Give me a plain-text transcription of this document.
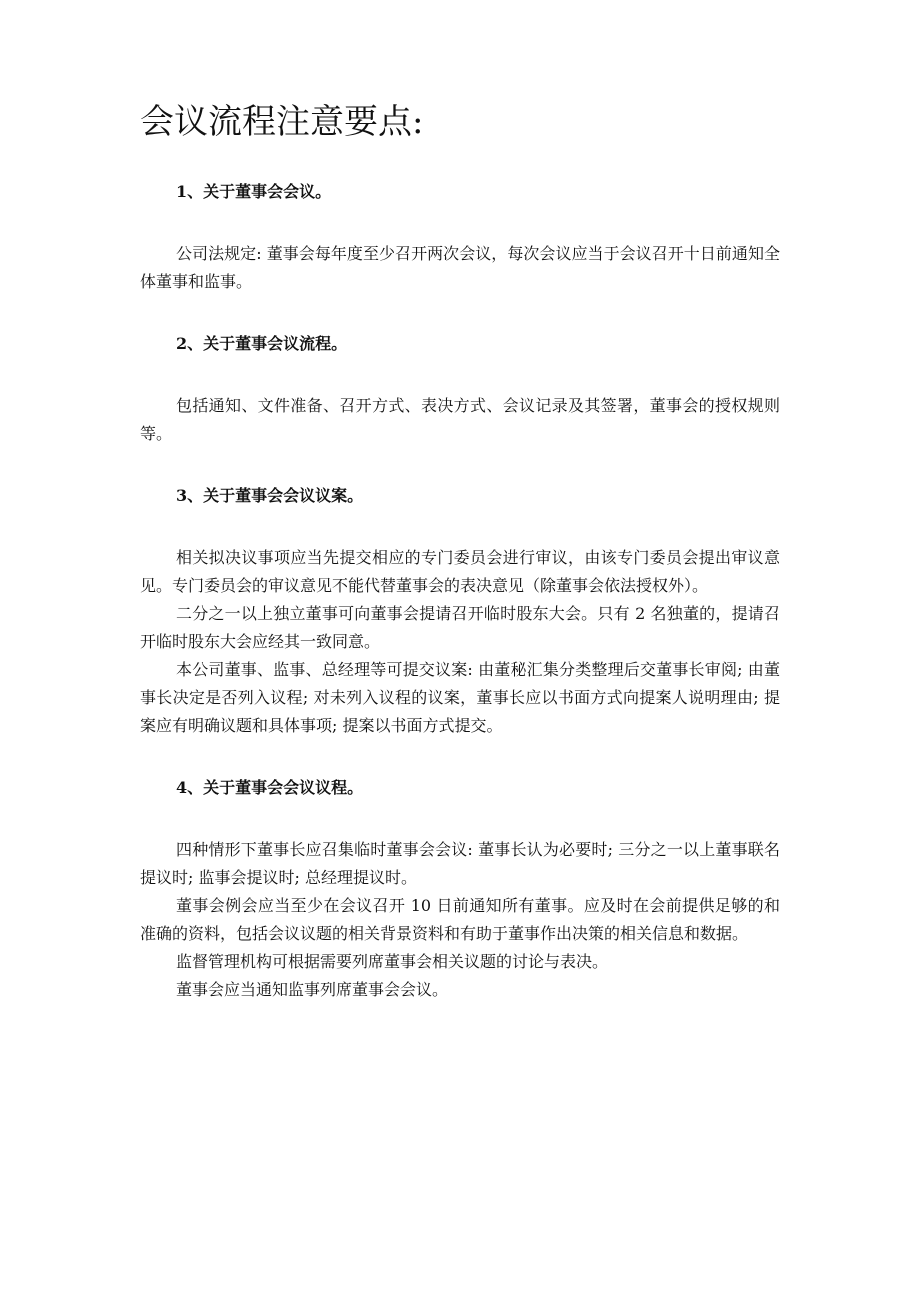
会议流程注意要点:
1、关于董事会会议。

公司法规定: 董事会每年度至少召开两次会议，每次会议应当于会议召开十日前通知全体董事和监事。

2、关于董事会议流程。

包括通知、文件准备、召开方式、表决方式、会议记录及其签署，董事会的授权规则等。

3、关于董事会会议议案。

相关拟决议事项应当先提交相应的专门委员会进行审议，由该专门委员会提出审议意见。专门委员会的审议意见不能代替董事会的表决意见（除董事会依法授权外）。

二分之一以上独立董事可向董事会提请召开临时股东大会。只有 2 名独董的，提请召开临时股东大会应经其一致同意。

本公司董事、监事、总经理等可提交议案: 由董秘汇集分类整理后交董事长审阅; 由董事长决定是否列入议程; 对未列入议程的议案，董事长应以书面方式向提案人说明理由; 提案应有明确议题和具体事项; 提案以书面方式提交。

4、关于董事会会议议程。

四种情形下董事长应召集临时董事会会议: 董事长认为必要时; 三分之一以上董事联名提议时; 监事会提议时; 总经理提议时。

董事会例会应当至少在会议召开 10 日前通知所有董事。应及时在会前提供足够的和准确的资料，包括会议议题的相关背景资料和有助于董事作出决策的相关信息和数据。

监督管理机构可根据需要列席董事会相关议题的讨论与表决。

董事会应当通知监事列席董事会会议。
